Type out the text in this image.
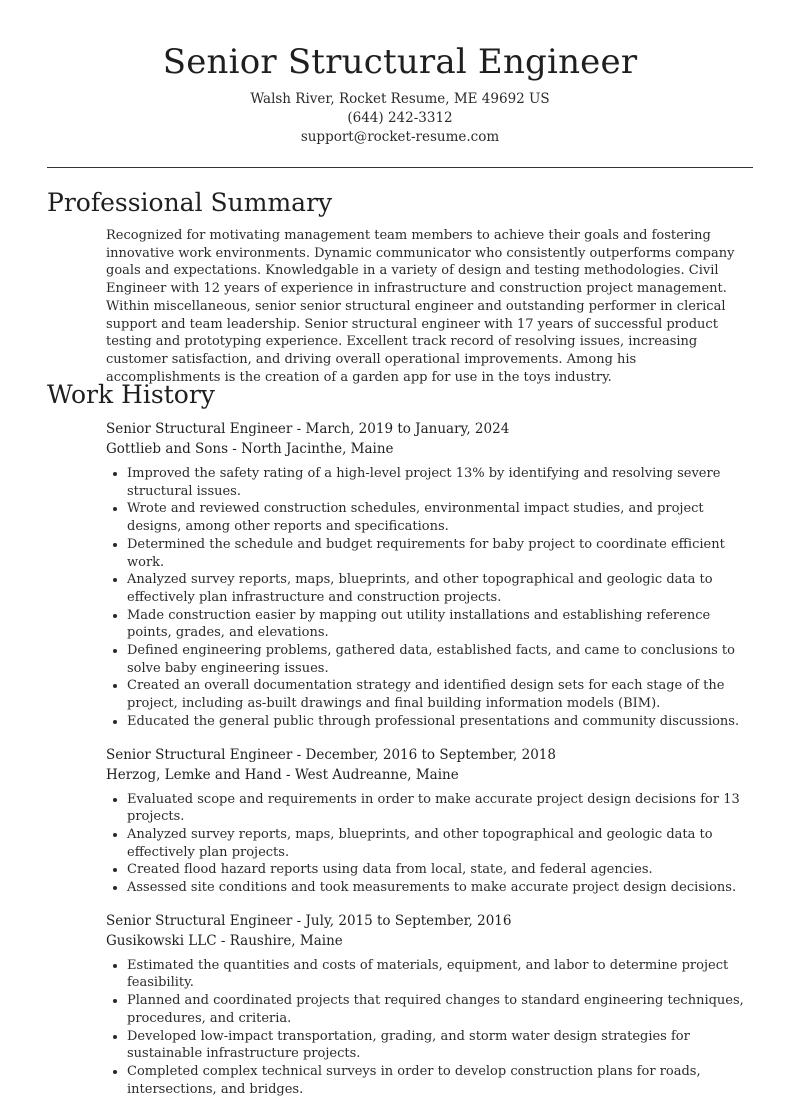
Senior Structural Engineer
Walsh River, Rocket Resume, ME 49692 US
(644) 242-3312
support@rocket-resume.com
Professional Summary

Recognized for motivating management team members to achieve their goals and fostering innovative work environments. Dynamic communicator who consistently outperforms company goals and expectations. Knowledgable in a variety of design and testing methodologies. Civil Engineer with 12 years of experience in infrastructure and construction project management. Within miscellaneous, senior senior structural engineer and outstanding performer in clerical support and team leadership. Senior structural engineer with 17 years of successful product testing and prototyping experience. Excellent track record of resolving issues, increasing customer satisfaction, and driving overall operational improvements. Among his accomplishments is the creation of a garden app for use in the toys industry.

Work History
Senior Structural Engineer - March, 2019 to January, 2024
Gottlieb and Sons - North Jacinthe, Maine
• Improved the safety rating of a high-level project 13% by identifying and resolving severe structural issues.
• Wrote and reviewed construction schedules, environmental impact studies, and project designs, among other reports and specifications.
• Determined the schedule and budget requirements for baby project to coordinate efficient work.
• Analyzed survey reports, maps, blueprints, and other topographical and geologic data to effectively plan infrastructure and construction projects.
• Made construction easier by mapping out utility installations and establishing reference points, grades, and elevations.
• Defined engineering problems, gathered data, established facts, and came to conclusions to solve baby engineering issues.
• Created an overall documentation strategy and identified design sets for each stage of the project, including as-built drawings and final building information models (BIM).
• Educated the general public through professional presentations and community discussions.
Senior Structural Engineer - December, 2016 to September, 2018
Herzog, Lemke and Hand - West Audreanne, Maine
• Evaluated scope and requirements in order to make accurate project design decisions for 13 projects.
• Analyzed survey reports, maps, blueprints, and other topographical and geologic data to effectively plan projects.
• Created flood hazard reports using data from local, state, and federal agencies.
• Assessed site conditions and took measurements to make accurate project design decisions.
Senior Structural Engineer - July, 2015 to September, 2016
Gusikowski LLC - Raushire, Maine
• Estimated the quantities and costs of materials, equipment, and labor to determine project feasibility.
• Planned and coordinated projects that required changes to standard engineering techniques, procedures, and criteria.
• Developed low-impact transportation, grading, and storm water design strategies for sustainable infrastructure projects.
• Completed complex technical surveys in order to develop construction plans for roads, intersections, and bridges.
